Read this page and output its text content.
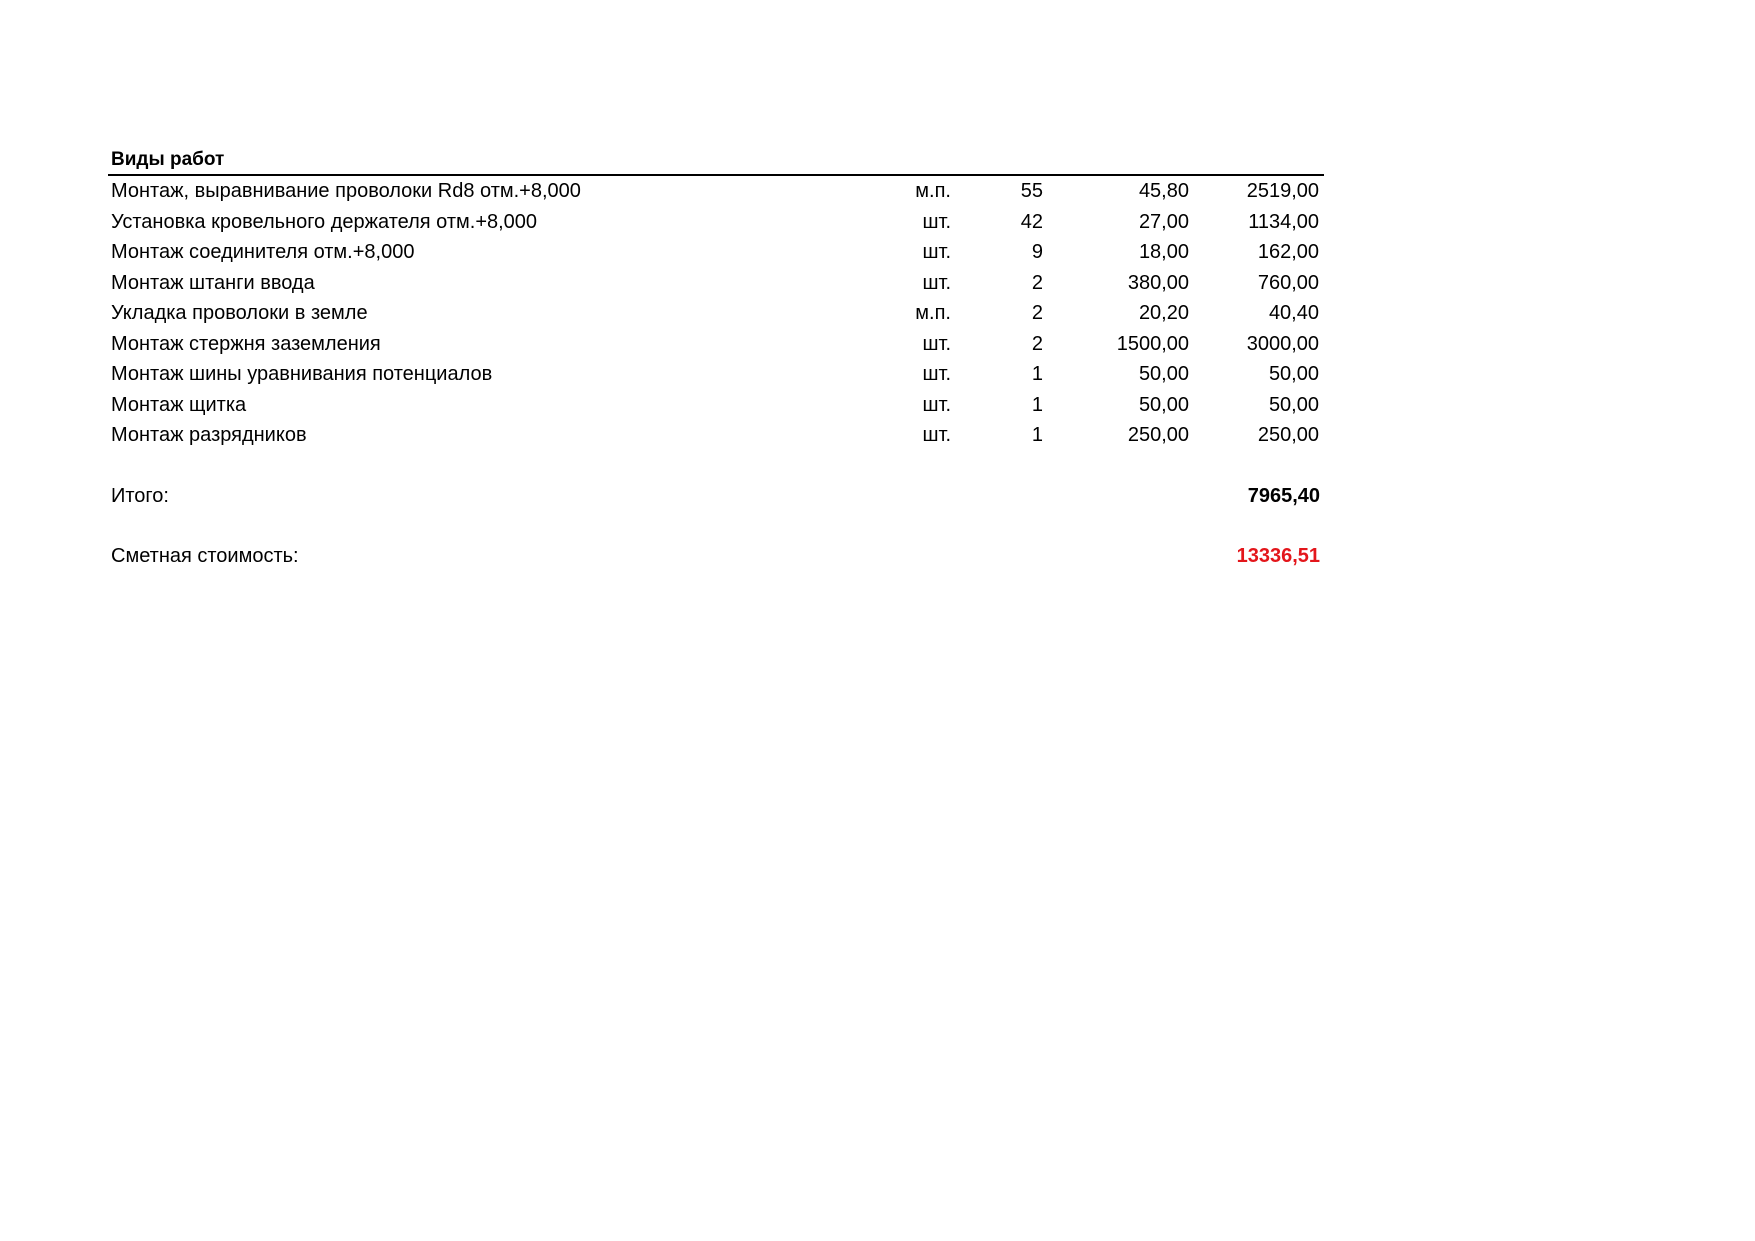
Виды работ
Монтаж, выравнивание проволоки Rd8 отм.+8,000	м.п.	55	45,80	2519,00
Установка кровельного держателя отм.+8,000	шт.	42	27,00	1134,00
Монтаж соединителя отм.+8,000	шт.	9	18,00	162,00
Монтаж штанги ввода	шт.	2	380,00	760,00
Укладка проволоки в земле	м.п.	2	20,20	40,40
Монтаж стержня заземления	шт.	2	1500,00	3000,00
Монтаж шины уравнивания потенциалов	шт.	1	50,00	50,00
Монтаж щитка	шт.	1	50,00	50,00
Монтаж разрядников	шт.	1	250,00	250,00
Итого:	7965,40
Сметная стоимость:	13336,51
